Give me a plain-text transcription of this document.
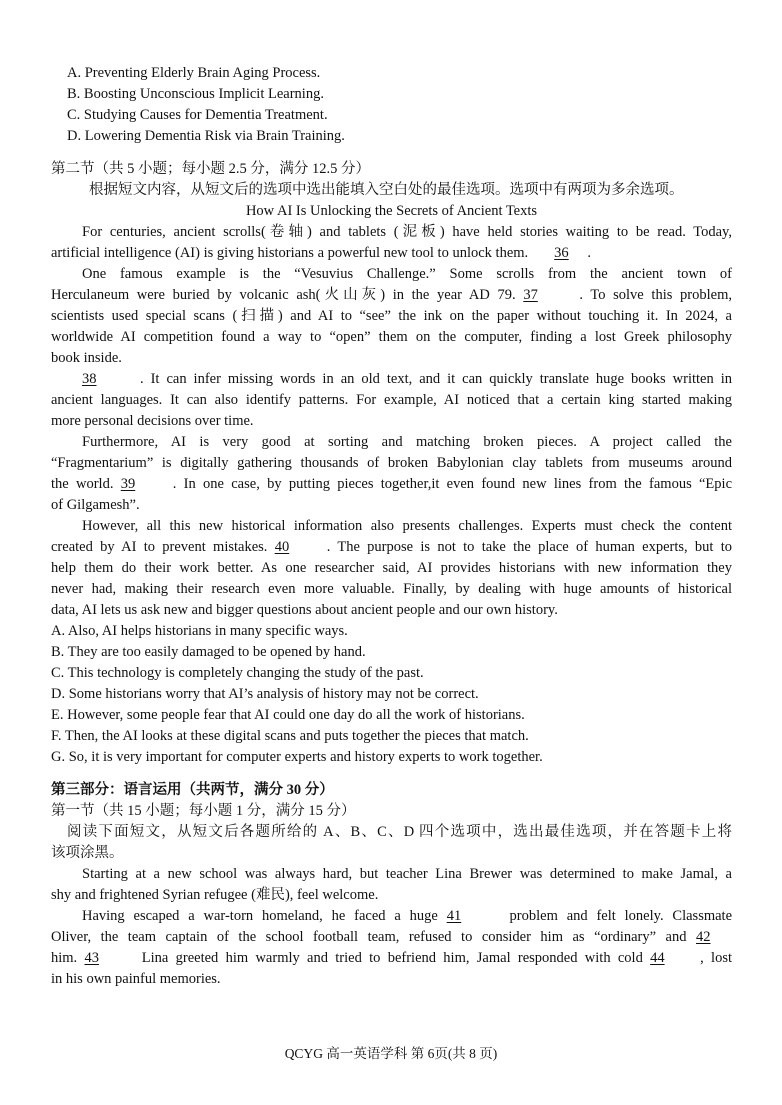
A. Preventing Elderly Brain Aging Process.
B. Boosting Unconscious Implicit Learning.
C. Studying Causes for Dementia Treatment.
D. Lowering Dementia Risk via Brain Training.
第二节（共 5 小题；每小题 2.5 分，满分 12.5 分）
根据短文内容，从短文后的选项中选出能填入空白处的最佳选项。选项中有两项为多余选项。
How AI Is Unlocking the Secrets of Ancient Texts
For centuries, ancient scrolls(卷轴) and tablets (泥板) have held stories waiting to be read. Today,
artificial intelligence (AI) is giving historians a powerful new tool to unlock them. 36 .
One famous example is the “Vesuvius Challenge.” Some scrolls from the ancient town of
Herculaneum were buried by volcanic ash(火山灰) in the year AD 79. 37	. To solve this problem,
scientists used special scans (扫描) and AI to “see” the ink on the paper without touching it. In 2024, a
worldwide AI competition found a way to “open” them on the computer, finding a lost Greek philosophy
book inside.
38	. It can infer missing words in an old text, and it can quickly translate huge books written in
ancient languages. It can also identify patterns. For example, AI noticed that a certain king started making
more personal decisions over time.
Furthermore, AI is very good at sorting and matching broken pieces. A project called the
“Fragmentarium” is digitally gathering thousands of broken Babylonian clay tablets from museums around
the world. 39	. In one case, by putting pieces together,it even found new lines from the famous “Epic
of Gilgamesh”.
However, all this new historical information also presents challenges. Experts must check the content
created by AI to prevent mistakes. 40	. The purpose is not to take the place of human experts, but to
help them do their work better. As one researcher said, AI provides historians with new information they
never had, making their research even more valuable. Finally, by dealing with huge amounts of historical
data, AI lets us ask new and bigger questions about ancient people and our own history.
A. Also, AI helps historians in many specific ways.
B. They are too easily damaged to be opened by hand.
C. This technology is completely changing the study of the past.
D. Some historians worry that AI’s analysis of history may not be correct.
E. However, some people fear that AI could one day do all the work of historians.
F. Then, the AI looks at these digital scans and puts together the pieces that match.
G. So, it is very important for computer experts and history experts to work together.
第三部分：语言运用（共两节，满分 30 分）
第一节（共 15 小题；每小题 1 分，满分 15 分）
阅读下面短文，从短文后各题所给的 A、B、C、D 四个选项中，选出最佳选项，并在答题卡上将
该项涂黑。
Starting at a new school was always hard, but teacher Lina Brewer was determined to make Jamal, a
shy and frightened Syrian refugee (难民), feel welcome.
Having escaped a war-torn homeland, he faced a huge 41	problem and felt lonely. Classmate
Oliver, the team captain of the school football team, refused to consider him as “ordinary” and 42
him. 43	Lina greeted him warmly and tried to befriend him, Jamal responded with cold 44 , lost
in his own painful memories.
QCYG 高一英语学科 第 6页(共 8 页)
